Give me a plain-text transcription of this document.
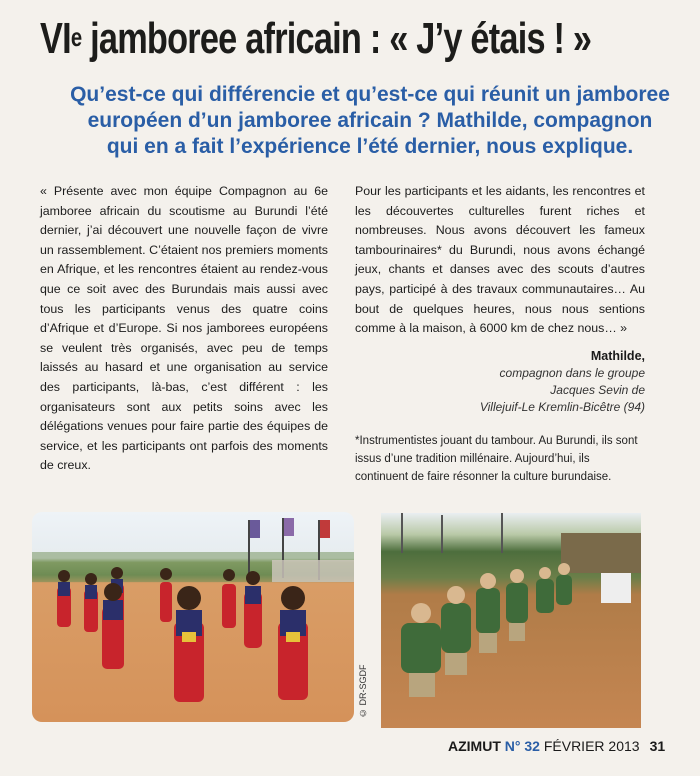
VIe jamboree africain : « J’y étais ! »
Qu’est-ce qui différencie et qu’est-ce qui réunit un jamboree européen d’un jamboree africain ? Mathilde, compagnon qui en a fait l’expérience l’été dernier, nous explique.
« Présente avec mon équipe Compagnon au 6e jamboree africain du scoutisme au Burundi l’été dernier, j’ai découvert une nouvelle façon de vivre un rassemblement. C’étaient nos premiers moments en Afrique, et les rencontres étaient au rendez-vous que ce soit avec des Burundais mais aussi avec tous les participants venus des quatre coins d’Afrique et d’Europe. Si nos jamborees européens se veulent très organisés, avec peu de temps laissés au hasard et une organisation au service des participants, là-bas, c’est différent : les organisateurs sont aux petits soins avec les délégations venues pour faire partie des équipes de service, et les participants ont parfois des moments de creux.
Pour les participants et les aidants, les rencontres et les découvertes culturelles furent riches et nombreuses. Nous avons découvert les fameux tambourinaires* du Burundi, nous avons échangé jeux, chants et danses avec des scouts d’autres pays, participé à des travaux communautaires… Au bout de quelques heures, nous nous sentions comme à la maison, à 6000 km de chez nous… »
Mathilde,
compagnon dans le groupe
Jacques Sevin de
Villejuif-Le Kremlin-Bicêtre (94)
*Instrumentistes jouant du tambour. Au Burundi, ils sont issus d’une tradition millénaire. Aujourd’hui, ils continuent de faire résonner la culture burundaise.
© DR-SGDF
AZIMUT N° 32 FÉVRIER 2013 31
